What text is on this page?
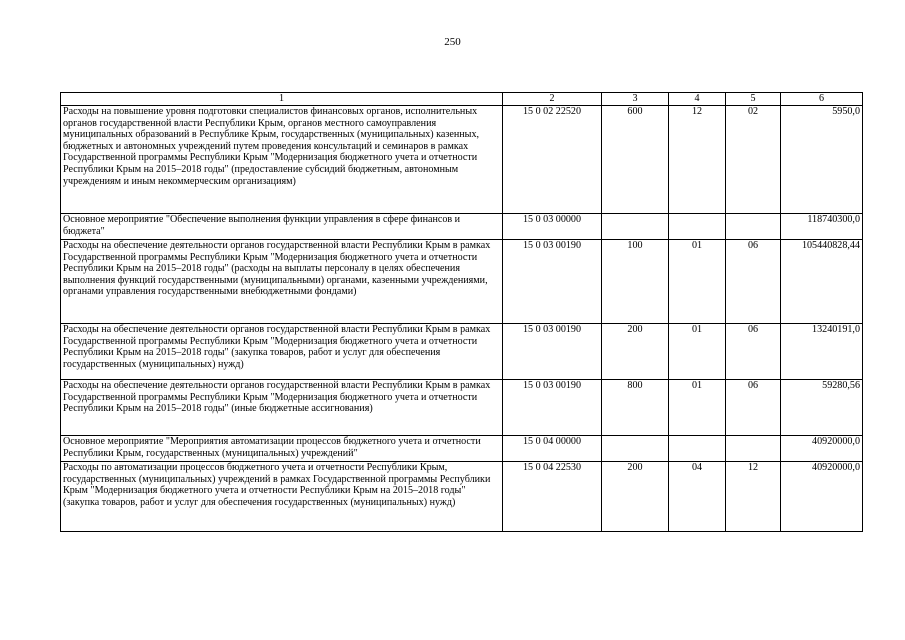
250
1	2	3	4	5	6
Расходы на повышение уровня подготовки специалистов финансовых органов, исполнительных органов государственной власти Республики Крым, органов местного самоуправления муниципальных образований в Республике Крым, государственных (муниципальных) казенных, бюджетных и автономных учреждений путем проведения консультаций и семинаров в рамках Государственной программы Республики Крым "Модернизация бюджетного учета и отчетности Республики Крым на 2015–2018 годы" (предоставление субсидий бюджетным, автономным учреждениям и иным некоммерческим организациям)	15 0 02 22520	600	12	02	5950,0
Основное мероприятие "Обеспечение выполнения функции управления в сфере финансов и бюджета"	15 0 03 00000				118740300,0
Расходы на обеспечение деятельности органов государственной власти Республики Крым в рамках Государственной программы Республики Крым "Модернизация бюджетного учета и отчетности Республики Крым на 2015–2018 годы" (расходы на выплаты персоналу в целях обеспечения выполнения функций государственными (муниципальными) органами, казенными учреждениями, органами управления государственными внебюджетными фондами)	15 0 03 00190	100	01	06	105440828,44
Расходы на обеспечение деятельности органов государственной власти Республики Крым в рамках Государственной программы Республики Крым "Модернизация бюджетного учета и отчетности Республики Крым на 2015–2018 годы" (закупка товаров, работ и услуг для обеспечения государственных (муниципальных) нужд)	15 0 03 00190	200	01	06	13240191,0
Расходы на обеспечение деятельности органов государственной власти Республики Крым в рамках Государственной программы Республики Крым "Модернизация бюджетного учета и отчетности Республики Крым на 2015–2018 годы" (иные бюджетные ассигнования)	15 0 03 00190	800	01	06	59280,56
Основное мероприятие "Мероприятия автоматизации процессов бюджетного учета и отчетности Республики Крым, государственных (муниципальных) учреждений"	15 0 04 00000				40920000,0
Расходы по автоматизации процессов бюджетного учета и отчетности Республики Крым, государственных (муниципальных) учреждений в рамках Государственной программы Республики Крым "Модернизация бюджетного учета и отчетности Республики Крым на 2015–2018 годы" (закупка товаров, работ и услуг для обеспечения государственных (муниципальных) нужд)	15 0 04 22530	200	04	12	40920000,0
